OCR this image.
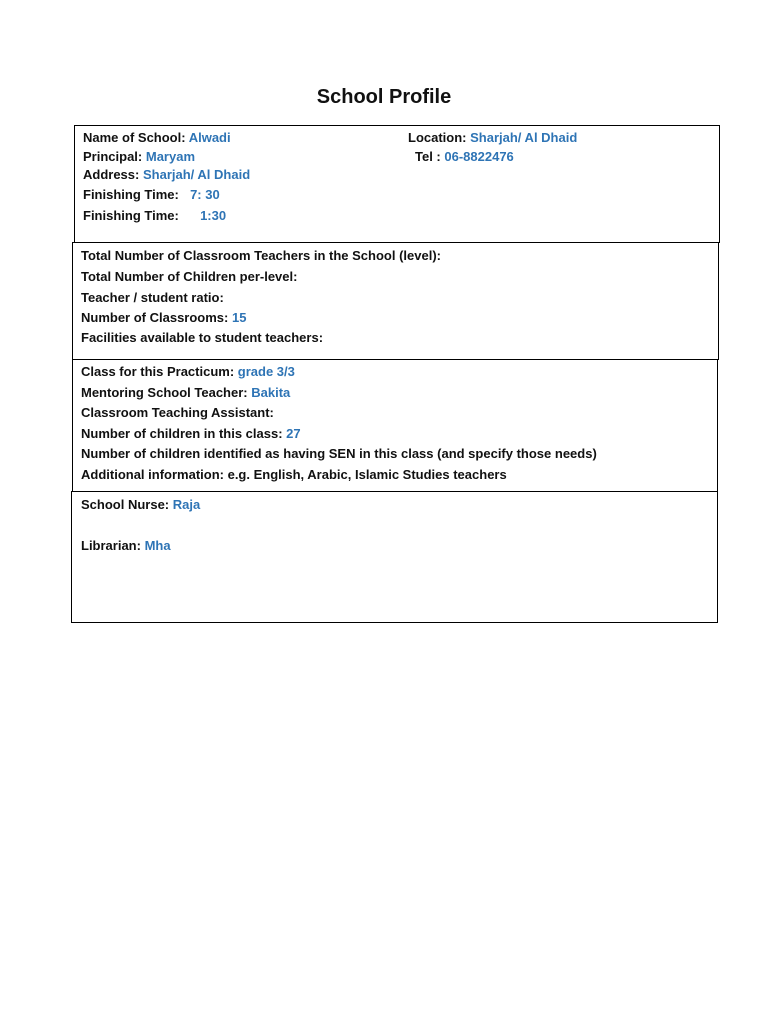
School Profile
Name of School: Alwadi	Location: Sharjah/ Al Dhaid
Principal: Maryam	Tel : 06-8822476
Address: Sharjah/ Al Dhaid
Finishing Time: 7: 30
Finishing Time: 1:30
Total Number of Classroom Teachers in the School (level):
Total Number of Children per-level:
Teacher / student ratio:
Number of Classrooms: 15
Facilities available to student teachers:
Class for this Practicum: grade 3/3
Mentoring School Teacher: Bakita
Classroom Teaching Assistant:
Number of children in this class: 27
Number of children identified as having SEN in this class (and specify those needs)
Additional information: e.g. English, Arabic, Islamic Studies teachers
School Nurse: Raja
Librarian: Mha
